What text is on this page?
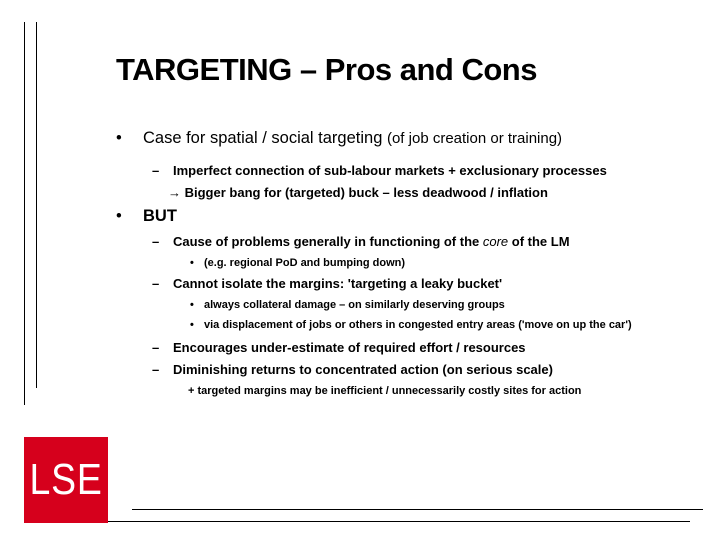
TARGETING – Pros and Cons
• Case for spatial / social targeting (of job creation or training)
– Imperfect connection of sub-labour markets + exclusionary processes
→ Bigger bang for (targeted) buck – less deadwood / inflation
• BUT
– Cause of problems generally in functioning of the core of the LM
• (e.g. regional PoD and bumping down)
– Cannot isolate the margins: 'targeting a leaky bucket'
• always collateral damage – on similarly deserving groups
• via displacement of jobs or others in congested entry areas ('move on up the car')
– Encourages under-estimate of required effort / resources
– Diminishing returns to concentrated action (on serious scale)
+ targeted margins may be inefficient / unnecessarily costly sites for action
LSE
